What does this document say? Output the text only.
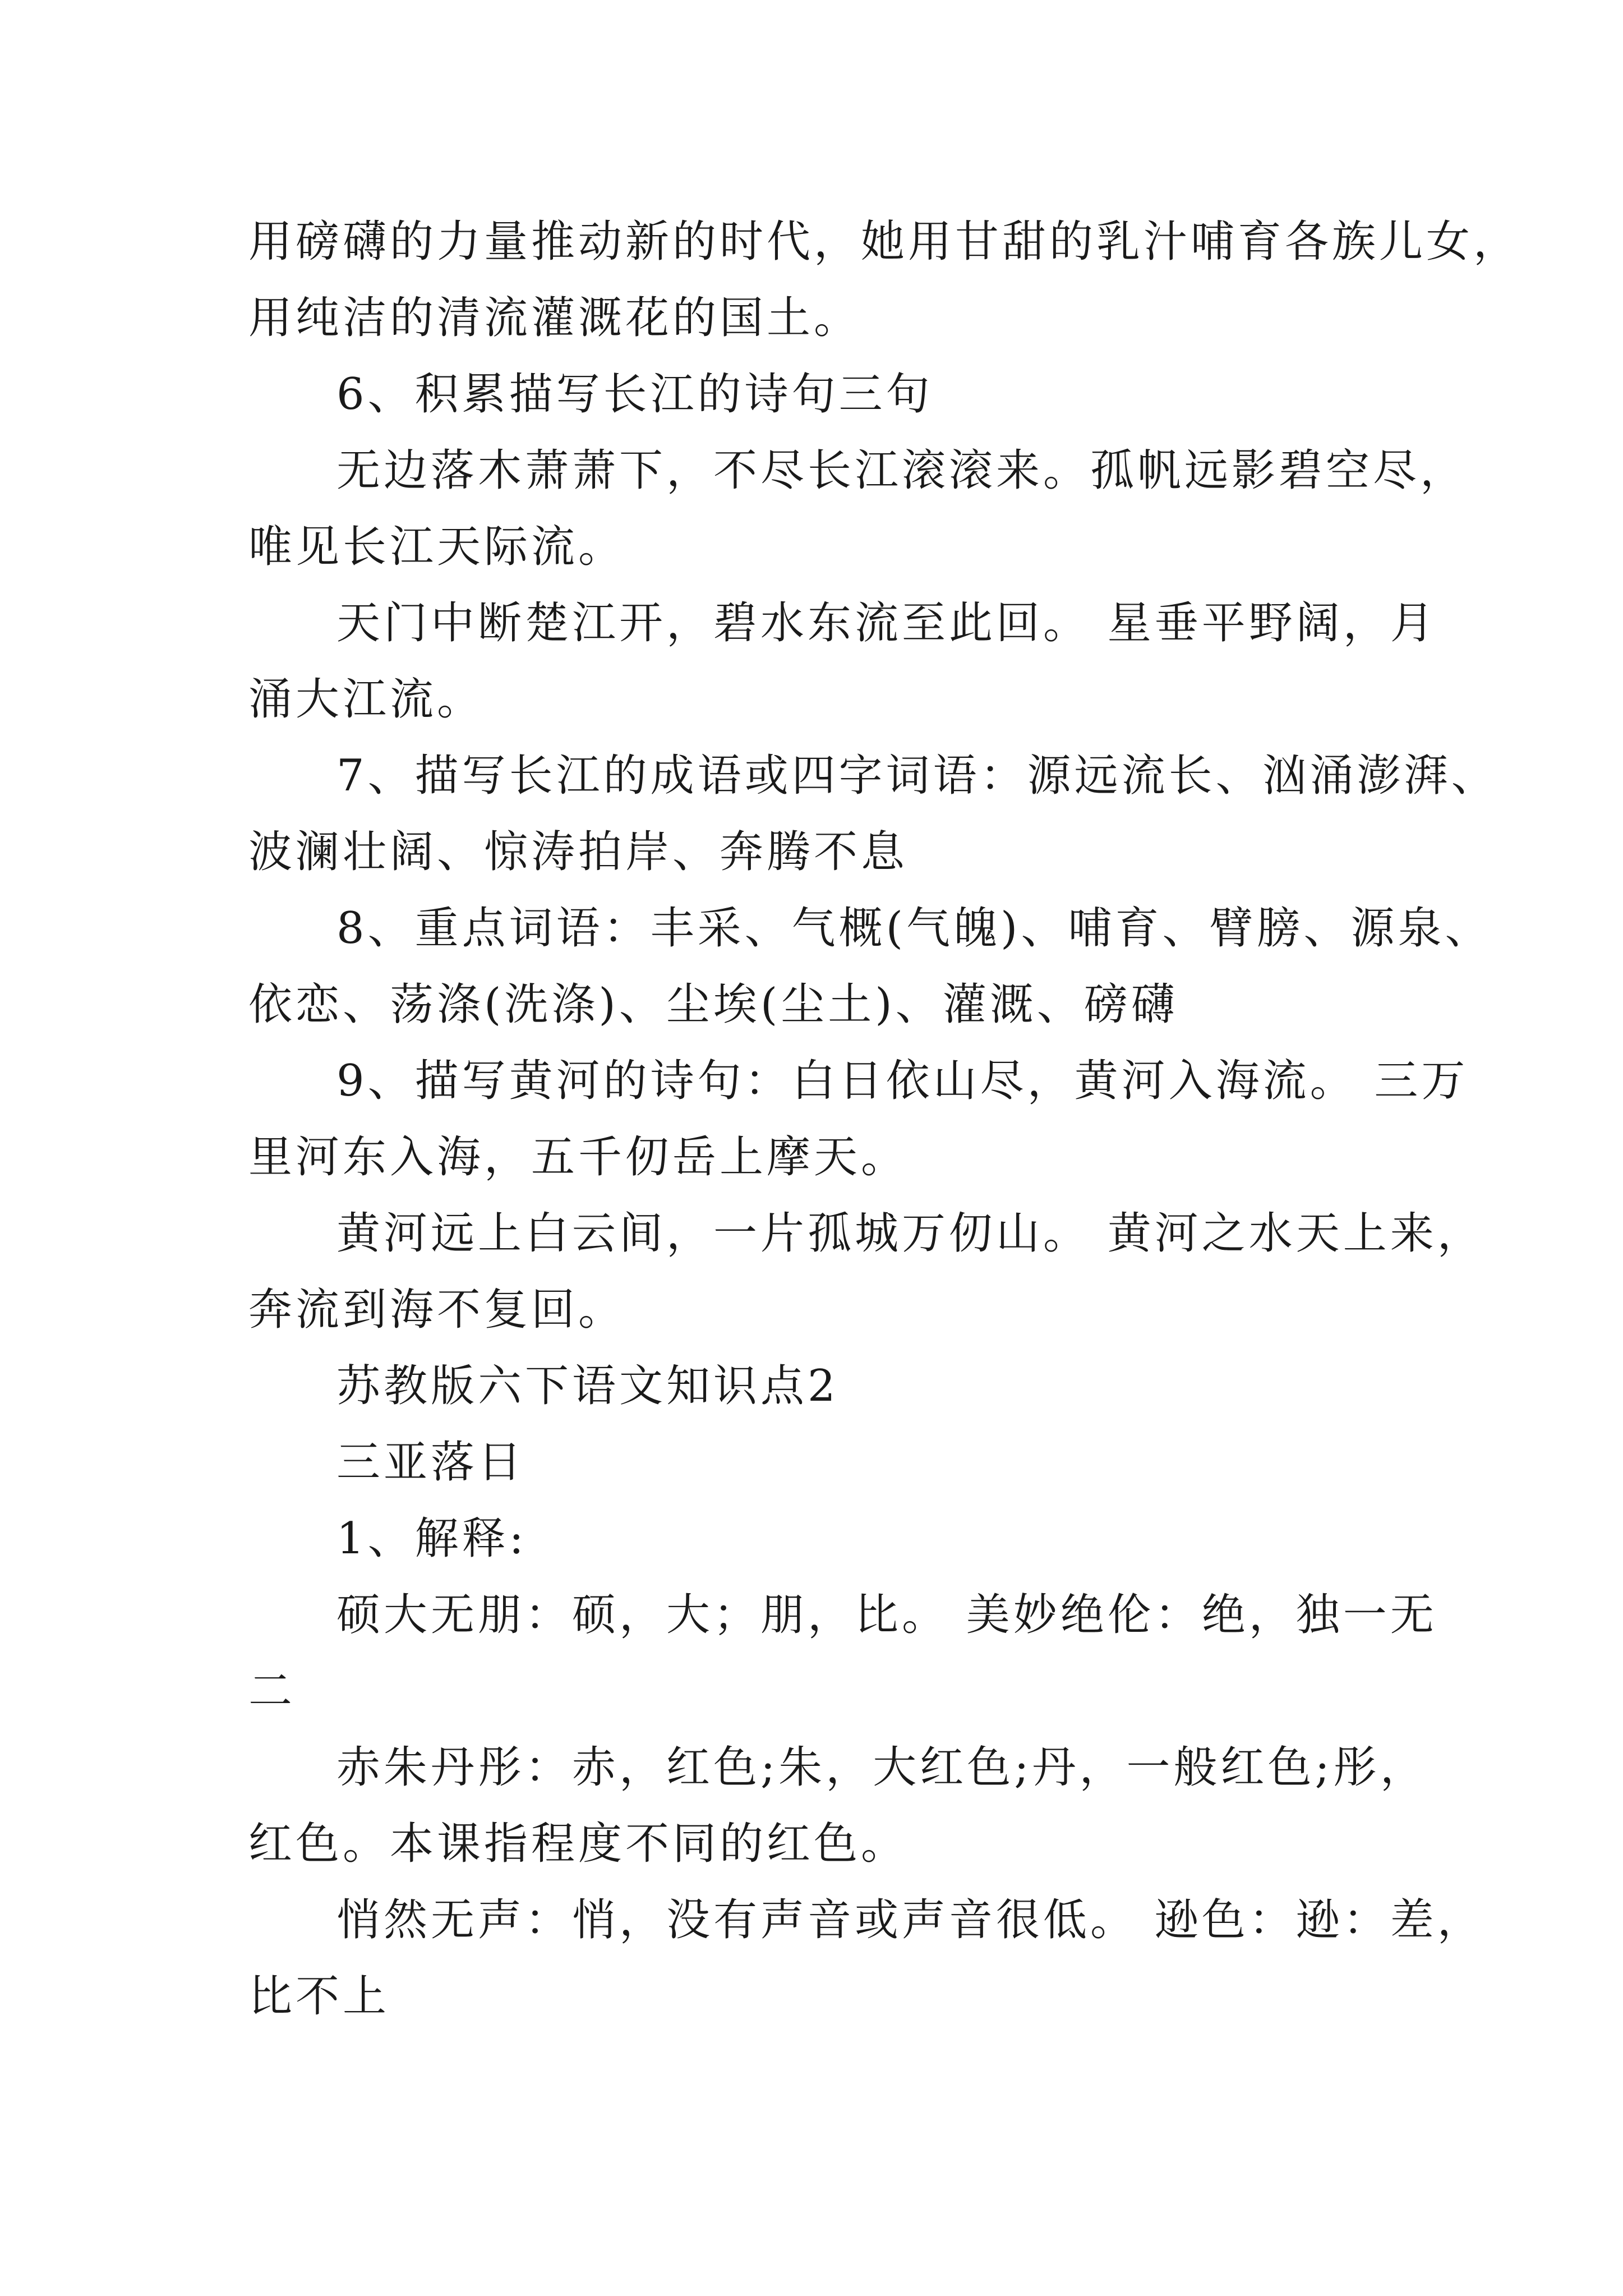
用磅礴的力量推动新的时代，她用甘甜的乳汁哺育各族儿女，
用纯洁的清流灌溉花的国土。
6、积累描写长江的诗句三句
无边落木萧萧下，不尽长江滚滚来。孤帆远影碧空尽，
唯见长江天际流。
天门中断楚江开，碧水东流至此回。 星垂平野阔，月
涌大江流。
7、描写长江的成语或四字词语：源远流长、汹涌澎湃、
波澜壮阔、惊涛拍岸、奔腾不息
8、重点词语：丰采、气概(气魄)、哺育、臂膀、源泉、
依恋、荡涤(洗涤)、尘埃(尘土)、灌溉、磅礴
9、描写黄河的诗句：白日依山尽，黄河入海流。 三万
里河东入海，五千仞岳上摩天。
黄河远上白云间，一片孤城万仞山。 黄河之水天上来，
奔流到海不复回。
苏教版六下语文知识点2
三亚落日
1、解释:
硕大无朋：硕，大；朋，比。 美妙绝伦：绝，独一无
二
赤朱丹彤：赤，红色;朱，大红色;丹，一般红色;彤，
红色。本课指程度不同的红色。
悄然无声：悄，没有声音或声音很低。 逊色：逊：差，
比不上
